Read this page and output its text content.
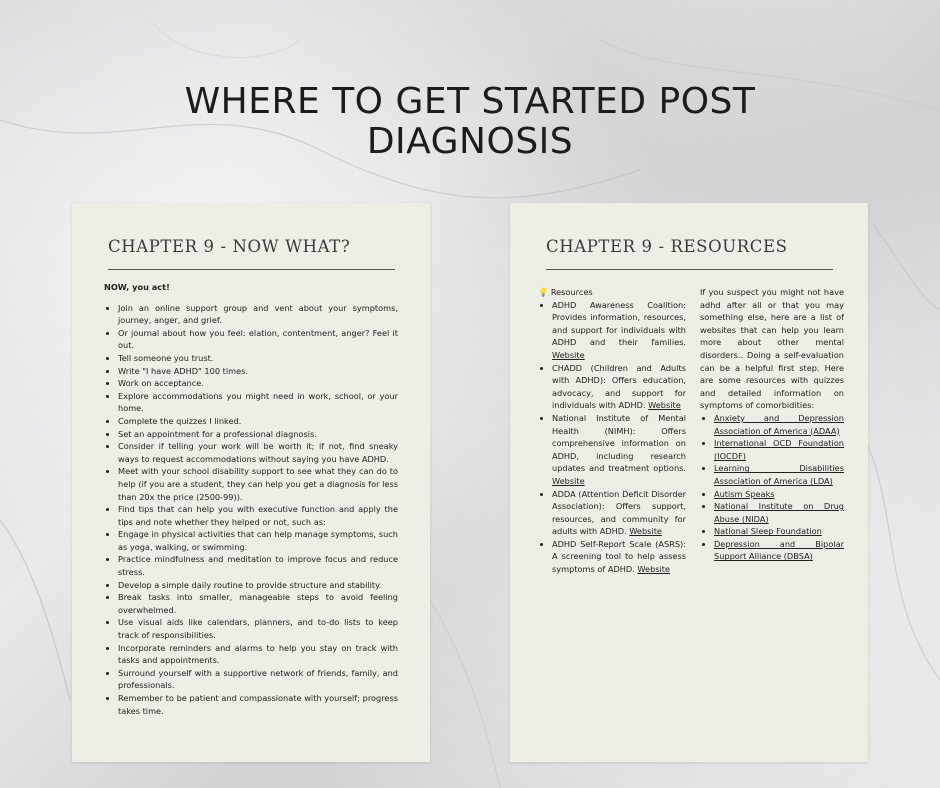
WHERE TO GET STARTED POST
DIAGNOSIS
CHAPTER 9 - NOW WHAT?

NOW, you act!

• Join an online support group and vent about your symptoms, journey, anger, and grief.
• Or journal about how you feel: elation, contentment, anger? Feel it out.
• Tell someone you trust.
• Write "I have ADHD" 100 times.
• Work on acceptance.
• Explore accommodations you might need in work, school, or your home.
• Complete the quizzes I linked.
• Set an appointment for a professional diagnosis.
• Consider if telling your work will be worth it; if not, find sneaky ways to request accommodations without saying you have ADHD.
• Meet with your school disability support to see what they can do to help (if you are a student, they can help you get a diagnosis for less than 20x the price (2500-99)).
• Find tips that can help you with executive function and apply the tips and note whether they helped or not, such as:
• Engage in physical activities that can help manage symptoms, such as yoga, walking, or swimming.
• Practice mindfulness and meditation to improve focus and reduce stress.
• Develop a simple daily routine to provide structure and stability.
• Break tasks into smaller, manageable steps to avoid feeling overwhelmed.
• Use visual aids like calendars, planners, and to-do lists to keep track of responsibilities.
• Incorporate reminders and alarms to help you stay on track with tasks and appointments.
• Surround yourself with a supportive network of friends, family, and professionals.
• Remember to be patient and compassionate with yourself; progress takes time.
CHAPTER 9 - RESOURCES
💡 Resources
• ADHD Awareness Coalition: Provides information, resources, and support for individuals with ADHD and their families. Website
• CHADD (Children and Adults with ADHD): Offers education, advocacy, and support for individuals with ADHD. Website
• National Institute of Mental Health (NIMH): Offers comprehensive information on ADHD, including research updates and treatment options. Website
• ADDA (Attention Deficit Disorder Association): Offers support, resources, and community for adults with ADHD. Website
• ADHD Self-Report Scale (ASRS): A screening tool to help assess symptoms of ADHD. Website

If you suspect you might not have adhd after all or that you may something else, here are a list of websites that can help you learn more about other mental disorders.. Doing a self-evaluation can be a helpful first step. Here are some resources with quizzes and detailed information on symptoms of comorbidities:

• Anxiety and Depression Association of America (ADAA)
• International OCD Foundation (IOCDF)
• Learning Disabilities Association of America (LDA)
• Autism Speaks
• National Institute on Drug Abuse (NIDA)
• National Sleep Foundation
• Depression and Bipolar Support Alliance (DBSA)
